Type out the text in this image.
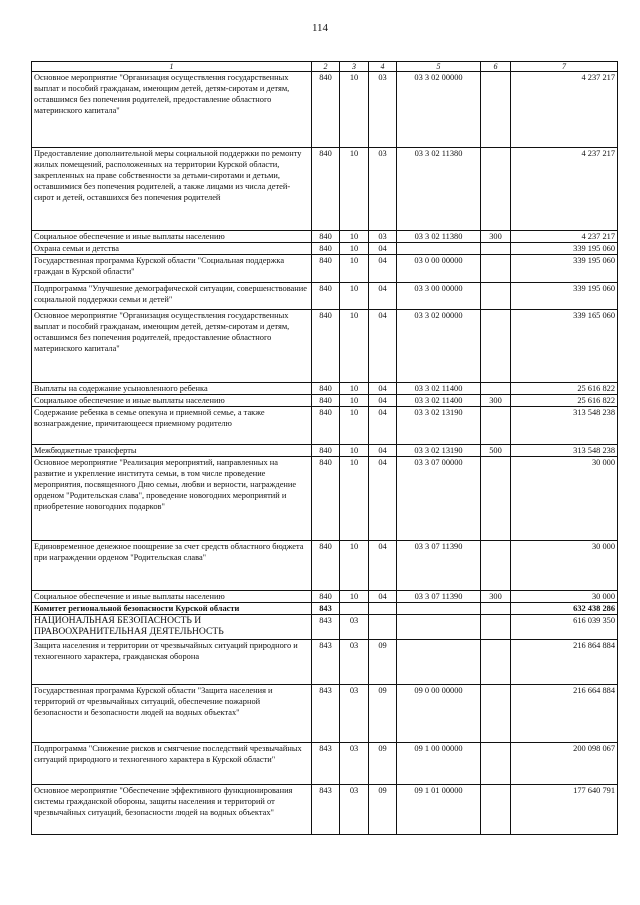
114
1	2	3	4	5	6	7
Основное мероприятие "Организация осуществления государственных выплат и пособий гражданам, имеющим детей, детям-сиротам и детям, оставшимся без попечения родителей, предоставление областного материнского капитала"	840	10	03	03 3 02 00000		4 237 217
Предоставление дополнительной меры социальной поддержки по ремонту жилых помещений, расположенных на территории Курской области, закрепленных на праве собственности за детьми-сиротами и детьми, оставшимися без попечения родителей, а также лицами из числа детей-сирот и детей, оставшихся без попечения родителей	840	10	03	03 3 02 11380		4 237 217
Социальное обеспечение и иные выплаты населению	840	10	03	03 3 02 11380	300	4 237 217
Охрана семьи и детства	840	10	04			339 195 060
Государственная программа Курской области "Социальная поддержка граждан в Курской области"	840	10	04	03 0 00 00000		339 195 060
Подпрограмма "Улучшение демографической ситуации, совершенствование социальной поддержки семьи и детей"	840	10	04	03 3 00 00000		339 195 060
Основное мероприятие "Организация осуществления государственных выплат и пособий гражданам, имеющим детей, детям-сиротам и детям, оставшимся без попечения родителей, предоставление областного материнского капитала"	840	10	04	03 3 02 00000		339 165 060
Выплаты на содержание усыновленного ребенка	840	10	04	03 3 02 11400		25 616 822
Социальное обеспечение и иные выплаты населению	840	10	04	03 3 02 11400	300	25 616 822
Содержание ребенка в семье опекуна и приемной семье, а также вознаграждение, причитающееся приемному родителю	840	10	04	03 3 02 13190		313 548 238
Межбюджетные трансферты	840	10	04	03 3 02 13190	500	313 548 238
Основное мероприятие "Реализация мероприятий, направленных на развитие и укрепление института семьи, в том числе проведение мероприятия, посвященного Дню семьи, любви и верности, награждение орденом "Родительская слава", проведение новогодних мероприятий и приобретение новогодних подарков"	840	10	04	03 3 07 00000		30 000
Единовременное денежное поощрение за счет средств областного бюджета при награждении орденом "Родительская слава"	840	10	04	03 3 07 11390		30 000
Социальное обеспечение и иные выплаты населению	840	10	04	03 3 07 11390	300	30 000
Комитет региональной безопасности Курской области	843					632 438 286
НАЦИОНАЛЬНАЯ БЕЗОПАСНОСТЬ И ПРАВООХРАНИТЕЛЬНАЯ ДЕЯТЕЛЬНОСТЬ	843	03				616 039 350
Защита населения и территории от чрезвычайных ситуаций природного и техногенного характера, гражданская оборона	843	03	09			216 864 884
Государственная программа Курской области "Защита населения и территорий от чрезвычайных ситуаций, обеспечение пожарной безопасности и безопасности людей на водных объектах"	843	03	09	09 0 00 00000		216 664 884
Подпрограмма "Снижение рисков и смягчение последствий чрезвычайных ситуаций природного и техногенного характера в Курской области"	843	03	09	09 1 00 00000		200 098 067
Основное мероприятие "Обеспечение эффективного функционирования системы гражданской обороны, защиты населения и территорий от чрезвычайных ситуаций, безопасности людей на водных объектах"	843	03	09	09 1 01 00000		177 640 791
